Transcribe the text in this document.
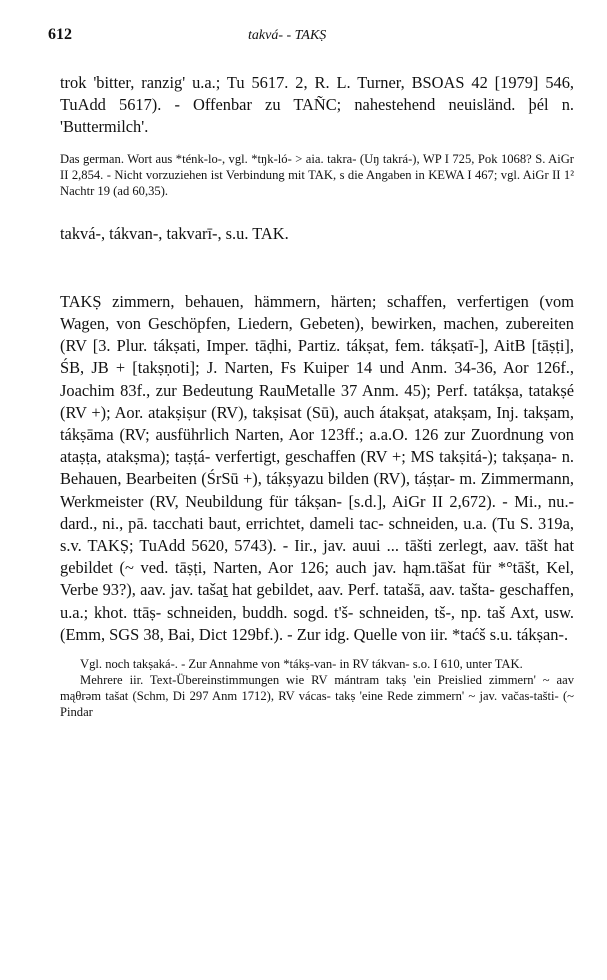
612	takvá- - TAKṢ

trok 'bitter, ranzig' u.a.; Tu 5617. 2, R. L. Turner, BSOAS 42 [1979] 546, TuAdd 5617). - Offenbar zu TAÑC; nahestehend neuisländ. þél n. 'Buttermilch'.

Das german. Wort aus *ténk-lo-, vgl. *tŋk-ló- > aia. takra- (Uŋ takrá-), WP I 725, Pok 1068? S. AiGr II 2,854. - Nicht vorzuziehen ist Verbindung mit TAK, s die Angaben in KEWA I 467; vgl. AiGr II 1² Nachtr 19 (ad 60,35).

takvá-, tákvan-, takvarī-, s.u. TAK.

TAKṢ zimmern, behauen, hämmern, härten; schaffen, verfertigen (vom Wagen, von Geschöpfen, Liedern, Gebeten), bewirken, machen, zubereiten (RV [3. Plur. tákṣati, Imper. tāḍhi, Partiz. tákṣat, fem. tákṣatī-], AitB [tāṣṭi], ŚB, JB + [takṣṇoti]; J. Narten, Fs Kuiper 14 und Anm. 34-36, Aor 126f., Joachim 83f., zur Bedeutung RauMetalle 37 Anm. 45); Perf. tatákṣa, tatakṣé (RV +); Aor. atakṣiṣur (RV), takṣisat (Sū), auch átakṣat, atakṣam, Inj. takṣam, tákṣāma (RV; ausführlich Narten, Aor 123ff.; a.a.O. 126 zur Zuordnung von ataṣṭa, atakṣma); taṣṭá- verfertigt, geschaffen (RV +; MS takṣitá-); takṣaṇa- n. Behauen, Bearbeiten (ŚrSū +), tákṣyazu bilden (RV), táṣṭar- m. Zimmermann, Werkmeister (RV, Neubildung für tákṣan- [s.d.], AiGr II 2,672). - Mi., nu.-dard., ni., pā. tacchati baut, errichtet, dameli tac- schneiden, u.a. (Tu S. 319a, s.v. TAKṢ; TuAdd 5620, 5743). - Iir., jav. auui ... tāšti zerlegt, aav. tāšt hat gebildet (~ ved. tāṣṭi, Narten, Aor 126; auch jav. hąm.tāšat für *°tāšt, Kel, Verbe 93?), aav. jav. tašaṯ hat gebildet, aav. Perf. tatašā, aav. tašta- geschaffen, u.a.; khot. ttāṣ- schneiden, buddh. sogd. t'š- schneiden, tš-, np. taš Axt, usw. (Emm, SGS 38, Bai, Dict 129bf.). - Zur idg. Quelle von iir. *taćš s.u. tákṣan-.

Vgl. noch takṣaká-. - Zur Annahme von *tákṣ-van- in RV tákvan- s.o. I 610, unter TAK.

Mehrere iir. Text-Übereinstimmungen wie RV mántram takṣ 'ein Preislied zimmern' ~ aav mąθrəm tašat (Schm, Di 297 Anm 1712), RV vácas- takṣ 'eine Rede zimmern' ~ jav. vačas-tašti- (~ Pindar
